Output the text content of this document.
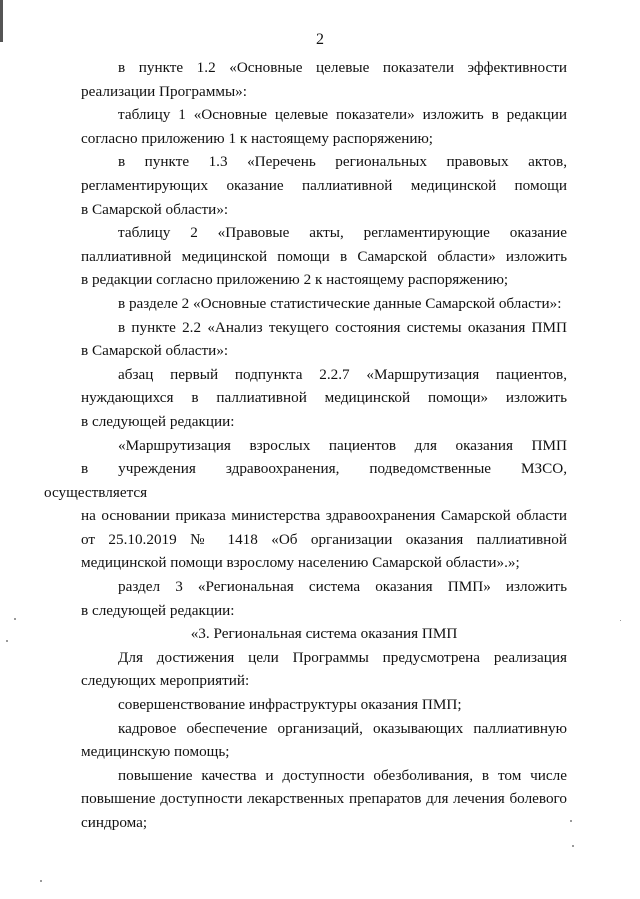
2

в пункте 1.2 «Основные целевые показатели эффективности
реализации Программы»:

таблицу 1 «Основные целевые показатели» изложить в редакции
согласно приложению 1 к настоящему распоряжению;

в пункте 1.3 «Перечень региональных правовых актов,
регламентирующих оказание паллиативной медицинской помощи
в Самарской области»:

таблицу 2 «Правовые акты, регламентирующие оказание
паллиативной медицинской помощи в Самарской области» изложить
в редакции согласно приложению 2 к настоящему распоряжению;

в разделе 2 «Основные статистические данные Самарской области»:

в пункте 2.2 «Анализ текущего состояния системы оказания ПМП
в Самарской области»:

абзац первый подпункта 2.2.7 «Маршрутизация пациентов,
нуждающихся в паллиативной медицинской помощи» изложить
в следующей редакции:

«Маршрутизация взрослых пациентов для оказания ПМП
в учреждения здравоохранения, подведомственные МЗСО, осуществляется
на основании приказа министерства здравоохранения Самарской области
от 25.10.2019 № 1418 «Об организации оказания паллиативной
медицинской помощи взрослому населению Самарской области».»;

раздел 3 «Региональная система оказания ПМП» изложить
в следующей редакции:

«3. Региональная система оказания ПМП

Для достижения цели Программы предусмотрена реализация
следующих мероприятий:

совершенствование инфраструктуры оказания ПМП;

кадровое обеспечение организаций, оказывающих паллиативную
медицинскую помощь;

повышение качества и доступности обезболивания, в том числе
повышение доступности лекарственных препаратов для лечения болевого
синдрома;
